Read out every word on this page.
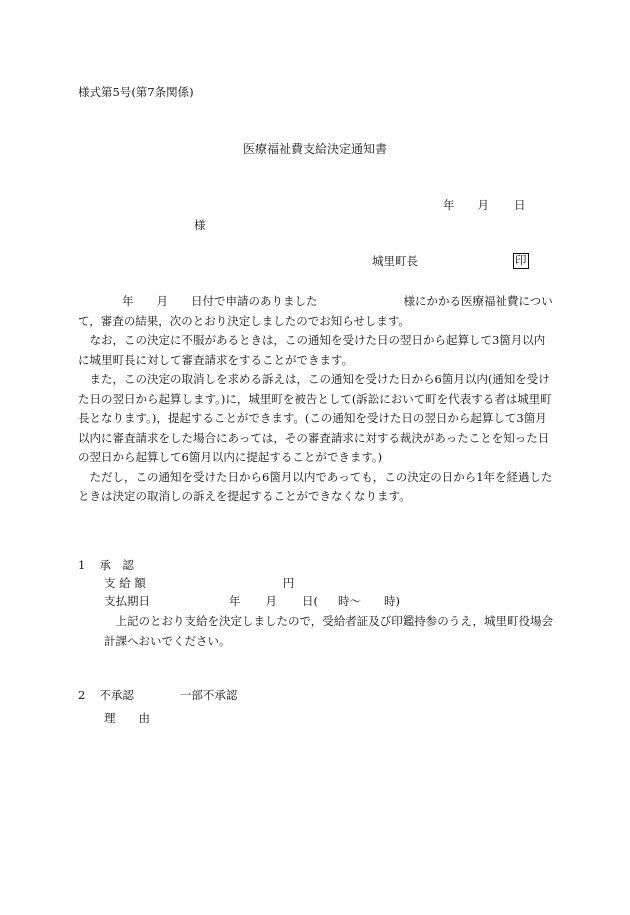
様式第5号(第7条関係)
医療福祉費支給決定通知書
年 月 日
様
城里町長	印

年 月 日付で申請のありました	様にかかる医療福祉費について，審査の結果，次のとおり決定しましたのでお知らせします。

なお，この決定に不服があるときは，この通知を受けた日の翌日から起算して3箇月以内に城里町長に対して審査請求をすることができます。

また，この決定の取消しを求める訴えは，この通知を受けた日から6箇月以内(通知を受けた日の翌日から起算します。)に，城里町を被告として(訴訟において町を代表する者は城里町長となります。)，提起することができます。(この通知を受けた日の翌日から起算して3箇月以内に審査請求をした場合にあっては，その審査請求に対する裁決があったことを知った日の翌日から起算して6箇月以内に提起することができます。)

ただし，この通知を受けた日から6箇月以内であっても，この決定の日から1年を経過したときは決定の取消しの訴えを提起することができなくなります。

1 承　認
支 給 額	円
支払期日	年 月 日( 時〜 時)

上記のとおり支給を決定しましたので，受給者証及び印鑑持参のうえ，城里町役場会計課へおいでください。

2 不承認	一部不承認
理　　由
